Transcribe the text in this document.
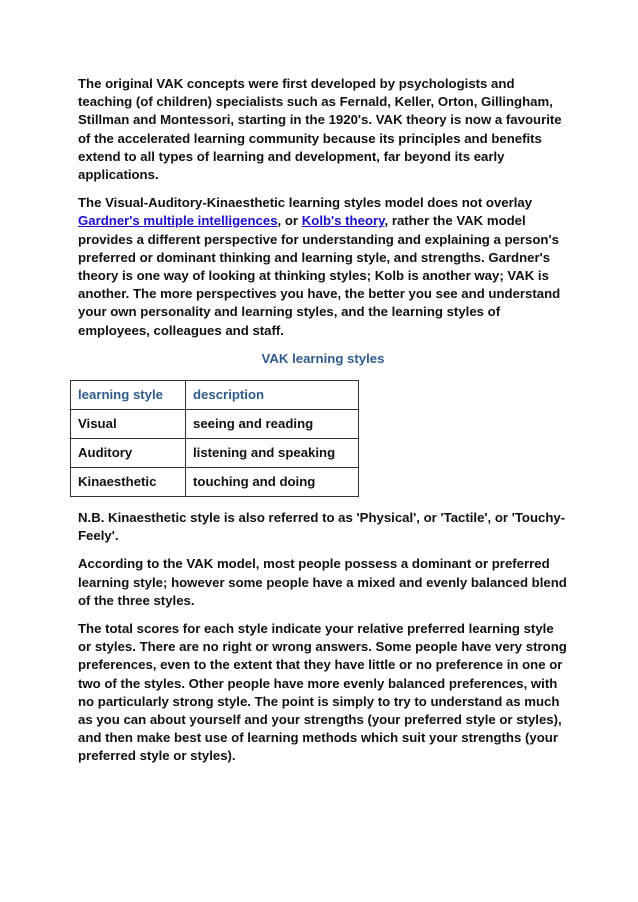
The original VAK concepts were first developed by psychologists and teaching (of children) specialists such as Fernald, Keller, Orton, Gillingham, Stillman and Montessori, starting in the 1920's. VAK theory is now a favourite of the accelerated learning community because its principles and benefits extend to all types of learning and development, far beyond its early applications.

The Visual-Auditory-Kinaesthetic learning styles model does not overlay Gardner's multiple intelligences, or Kolb's theory, rather the VAK model provides a different perspective for understanding and explaining a person's preferred or dominant thinking and learning style, and strengths. Gardner's theory is one way of looking at thinking styles; Kolb is another way; VAK is another. The more perspectives you have, the better you see and understand your own personality and learning styles, and the learning styles of employees, colleagues and staff.

VAK learning styles
learning style	description
Visual	seeing and reading
Auditory	listening and speaking
Kinaesthetic	touching and doing

N.B. Kinaesthetic style is also referred to as 'Physical', or 'Tactile', or 'Touchy-Feely'.

According to the VAK model, most people possess a dominant or preferred learning style; however some people have a mixed and evenly balanced blend of the three styles.

The total scores for each style indicate your relative preferred learning style or styles. There are no right or wrong answers. Some people have very strong preferences, even to the extent that they have little or no preference in one or two of the styles. Other people have more evenly balanced preferences, with no particularly strong style. The point is simply to try to understand as much as you can about yourself and your strengths (your preferred style or styles), and then make best use of learning methods which suit your strengths (your preferred style or styles).
